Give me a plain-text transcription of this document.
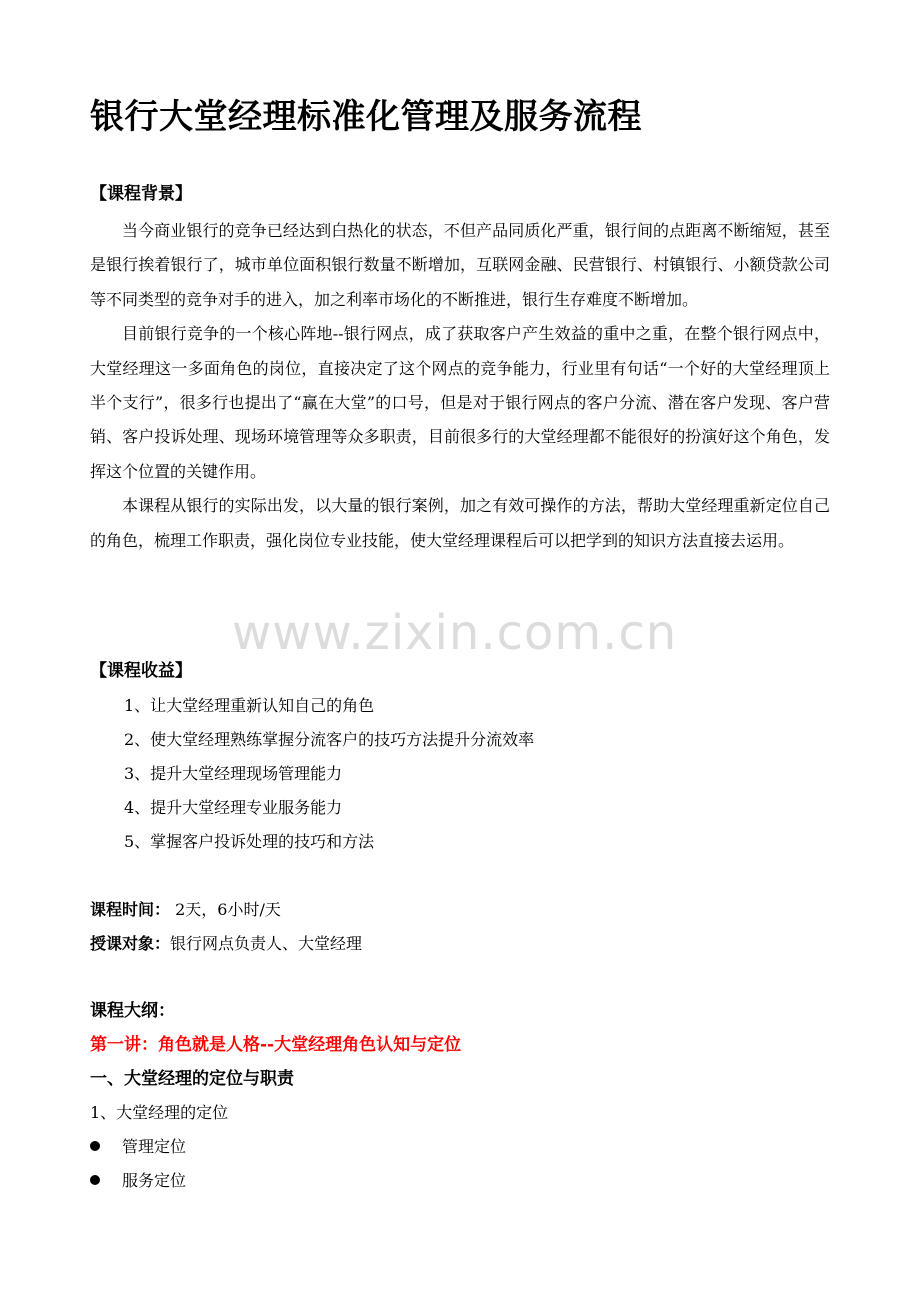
www.zixin.com.cn
银行大堂经理标准化管理及服务流程
【课程背景】

当今商业银行的竞争已经达到白热化的状态，不但产品同质化严重，银行间的点距离不断缩短，甚至是银行挨着银行了，城市单位面积银行数量不断增加，互联网金融、民营银行、村镇银行、小额贷款公司等不同类型的竞争对手的进入，加之利率市场化的不断推进，银行生存难度不断增加。

目前银行竞争的一个核心阵地--银行网点，成了获取客户产生效益的重中之重，在整个银行网点中，大堂经理这一多面角色的岗位，直接决定了这个网点的竞争能力，行业里有句话“一个好的大堂经理顶上半个支行”，很多行也提出了“赢在大堂”的口号，但是对于银行网点的客户分流、潜在客户发现、客户营销、客户投诉处理、现场环境管理等众多职责，目前很多行的大堂经理都不能很好的扮演好这个角色，发挥这个位置的关键作用。

本课程从银行的实际出发，以大量的银行案例，加之有效可操作的方法，帮助大堂经理重新定位自己的角色，梳理工作职责，强化岗位专业技能，使大堂经理课程后可以把学到的知识方法直接去运用。

【课程收益】
1、让大堂经理重新认知自己的角色
2、使大堂经理熟练掌握分流客户的技巧方法提升分流效率
3、提升大堂经理现场管理能力
4、提升大堂经理专业服务能力
5、掌握客户投诉处理的技巧和方法
课程时间： 2天，6小时/天
授课对象：银行网点负责人、大堂经理
课程大纲：
第一讲：角色就是人格--大堂经理角色认知与定位
一、大堂经理的定位与职责
1、大堂经理的定位
管理定位
服务定位
